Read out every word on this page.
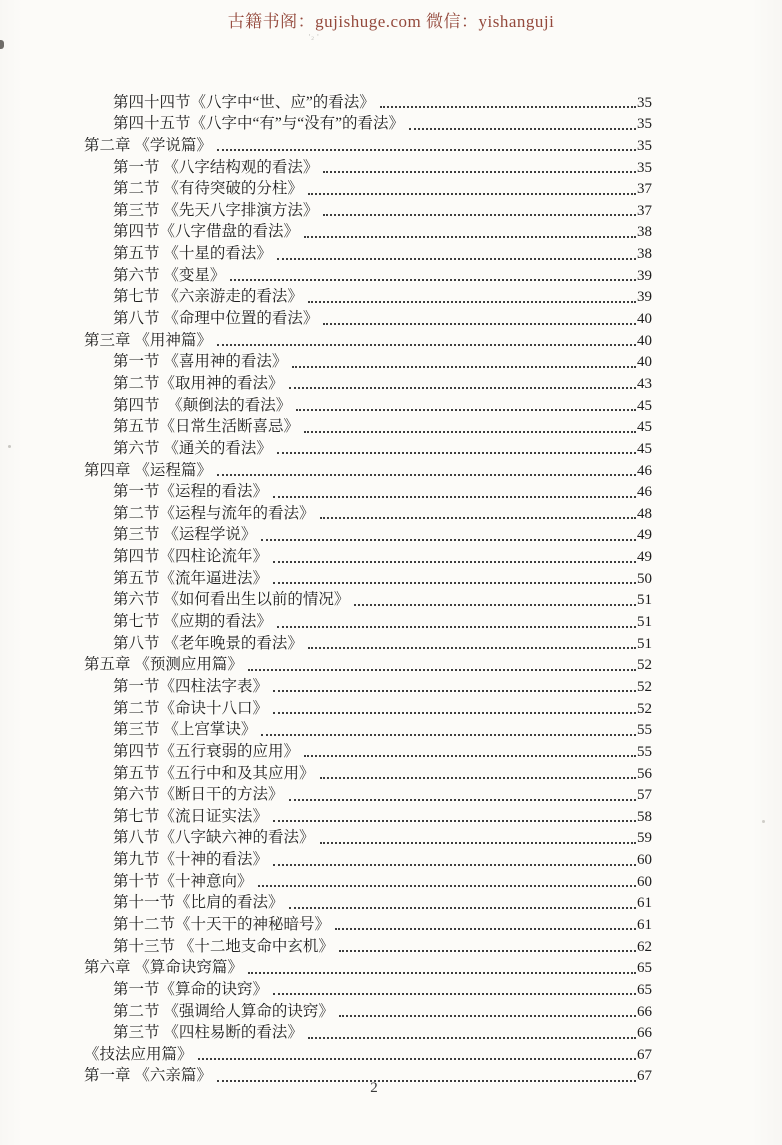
古籍书阁：gujishuge.com 微信：yishanguji
·₂ ·
第四十四节《八字中“世、应”的看法》	35
第四十五节《八字中“有”与“没有”的看法》	35
第二章 《学说篇》	35
第一节 《八字结构观的看法》	35
第二节 《有待突破的分柱》	37
第三节 《先天八字排演方法》	37
第四节《八字借盘的看法》	38
第五节 《十星的看法》	38
第六节 《变星》	39
第七节 《六亲游走的看法》	39
第八节 《命理中位置的看法》	40
第三章 《用神篇》	40
第一节 《喜用神的看法》	40
第二节《取用神的看法》	43
第四节　《颠倒法的看法》	45
第五节《日常生活断喜忌》	45
第六节 《通关的看法》	45
第四章 《运程篇》	46
第一节《运程的看法》	46
第二节《运程与流年的看法》	48
第三节 《运程学说》	49
第四节《四柱论流年》	49
第五节《流年逼进法》	50
第六节 《如何看出生以前的情况》	51
第七节 《应期的看法》	51
第八节 《老年晚景的看法》	51
第五章 《预测应用篇》	52
第一节《四柱法字表》	52
第二节《命诀十八口》	52
第三节 《上宫掌诀》	55
第四节《五行衰弱的应用》	55
第五节《五行中和及其应用》	56
第六节《断日干的方法》	57
第七节《流日证实法》	58
第八节《八字缺六神的看法》	59
第九节《十神的看法》	60
第十节《十神意向》	60
第十一节《比肩的看法》	61
第十二节《十天干的神秘暗号》	61
第十三节 《十二地支命中玄机》	62
第六章 《算命诀窍篇》	65
第一节《算命的诀窍》	65
第二节 《强调给人算命的诀窍》	66
第三节 《四柱易断的看法》	66
《技法应用篇》	67
第一章 《六亲篇》	67
2
